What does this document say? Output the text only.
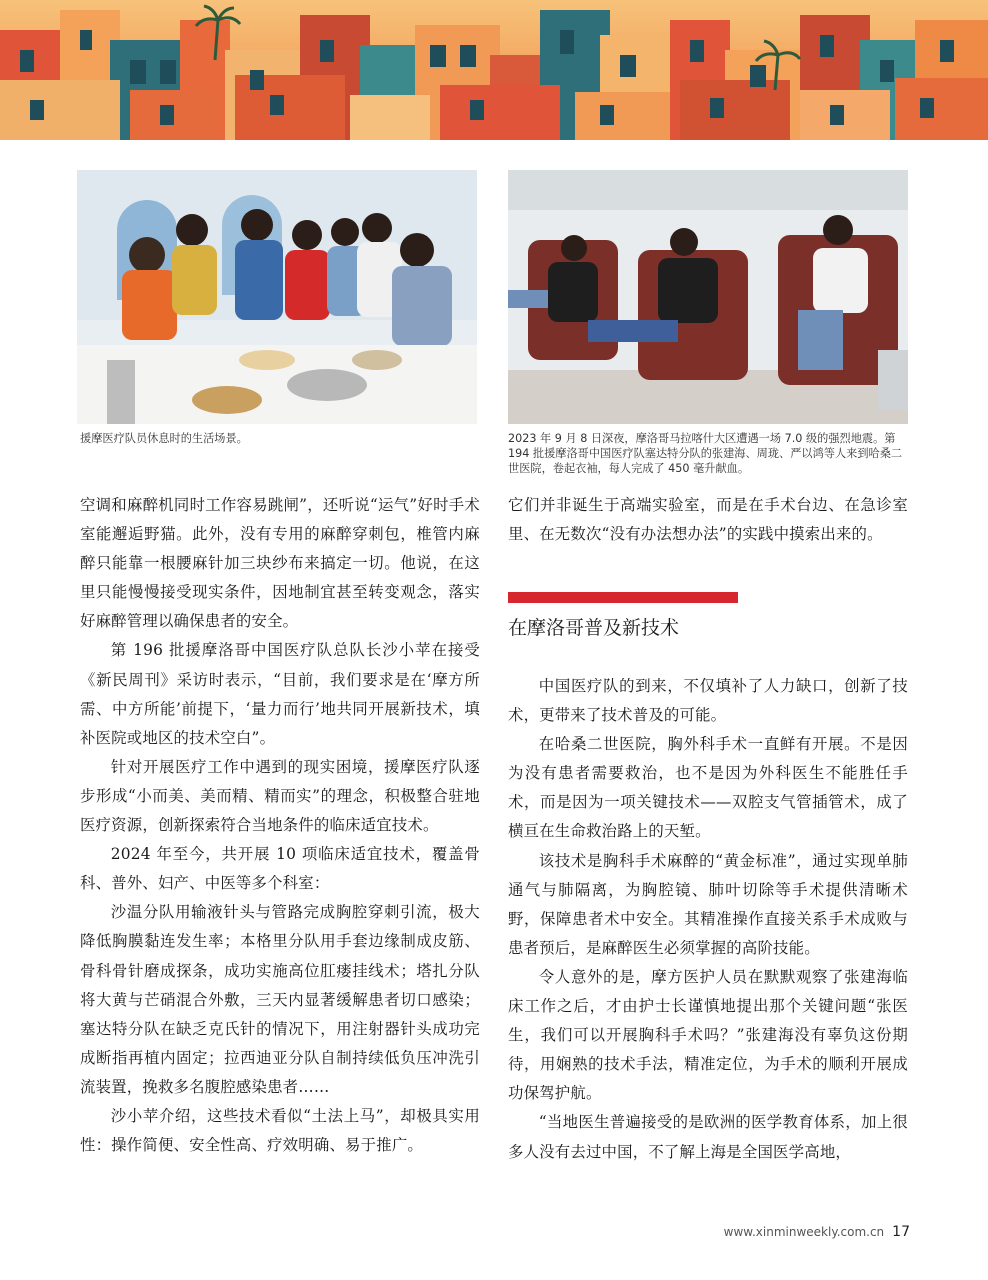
援摩医疗队员休息时的生活场景。	2023 年 9 月 8 日深夜，摩洛哥马拉喀什大区遭遇一场 7.0 级的强烈地震。第 194 批援摩洛哥中国医疗队塞达特分队的张建海、周珑、严以鸿等人来到哈桑二世医院，卷起衣袖，每人完成了 450 毫升献血。

空调和麻醉机同时工作容易跳闸”，还听说“运气”好时手术室能邂逅野猫。此外，没有专用的麻醉穿刺包，椎管内麻醉只能靠一根腰麻针加三块纱布来搞定一切。他说，在这里只能慢慢接受现实条件，因地制宜甚至转变观念，落实好麻醉管理以确保患者的安全。

第 196 批援摩洛哥中国医疗队总队长沙小苹在接受《新民周刊》采访时表示，“目前，我们要求是在‘摩方所需、中方所能’前提下，‘量力而行’地共同开展新技术，填补医院或地区的技术空白”。

针对开展医疗工作中遇到的现实困境，援摩医疗队逐步形成“小而美、美而精、精而实”的理念，积极整合驻地医疗资源，创新探索符合当地条件的临床适宜技术。

2024 年至今，共开展 10 项临床适宜技术，覆盖骨科、普外、妇产、中医等多个科室：

沙温分队用输液针头与管路完成胸腔穿刺引流，极大降低胸膜黏连发生率；本格里分队用手套边缘制成皮筋、骨科骨针磨成探条，成功实施高位肛瘘挂线术；塔扎分队将大黄与芒硝混合外敷，三天内显著缓解患者切口感染；塞达特分队在缺乏克氏针的情况下，用注射器针头成功完成断指再植内固定；拉西迪亚分队自制持续低负压冲洗引流装置，挽救多名腹腔感染患者……

沙小苹介绍，这些技术看似“土法上马”，却极具实用性：操作简便、安全性高、疗效明确、易于推广。

它们并非诞生于高端实验室，而是在手术台边、在急诊室里、在无数次“没有办法想办法”的实践中摸索出来的。

在摩洛哥普及新技术

中国医疗队的到来，不仅填补了人力缺口，创新了技术，更带来了技术普及的可能。

在哈桑二世医院，胸外科手术一直鲜有开展。不是因为没有患者需要救治，也不是因为外科医生不能胜任手术，而是因为一项关键技术——双腔支气管插管术，成了横亘在生命救治路上的天堑。

该技术是胸科手术麻醉的“黄金标准”，通过实现单肺通气与肺隔离，为胸腔镜、肺叶切除等手术提供清晰术野，保障患者术中安全。其精准操作直接关系手术成败与患者预后，是麻醉医生必须掌握的高阶技能。

令人意外的是，摩方医护人员在默默观察了张建海临床工作之后，才由护士长谨慎地提出那个关键问题“张医生，我们可以开展胸科手术吗？”张建海没有辜负这份期待，用娴熟的技术手法，精准定位，为手术的顺利开展成功保驾护航。

“当地医生普遍接受的是欧洲的医学教育体系，加上很多人没有去过中国，不了解上海是全国医学高地，

www.xinminweekly.com.cn 17
